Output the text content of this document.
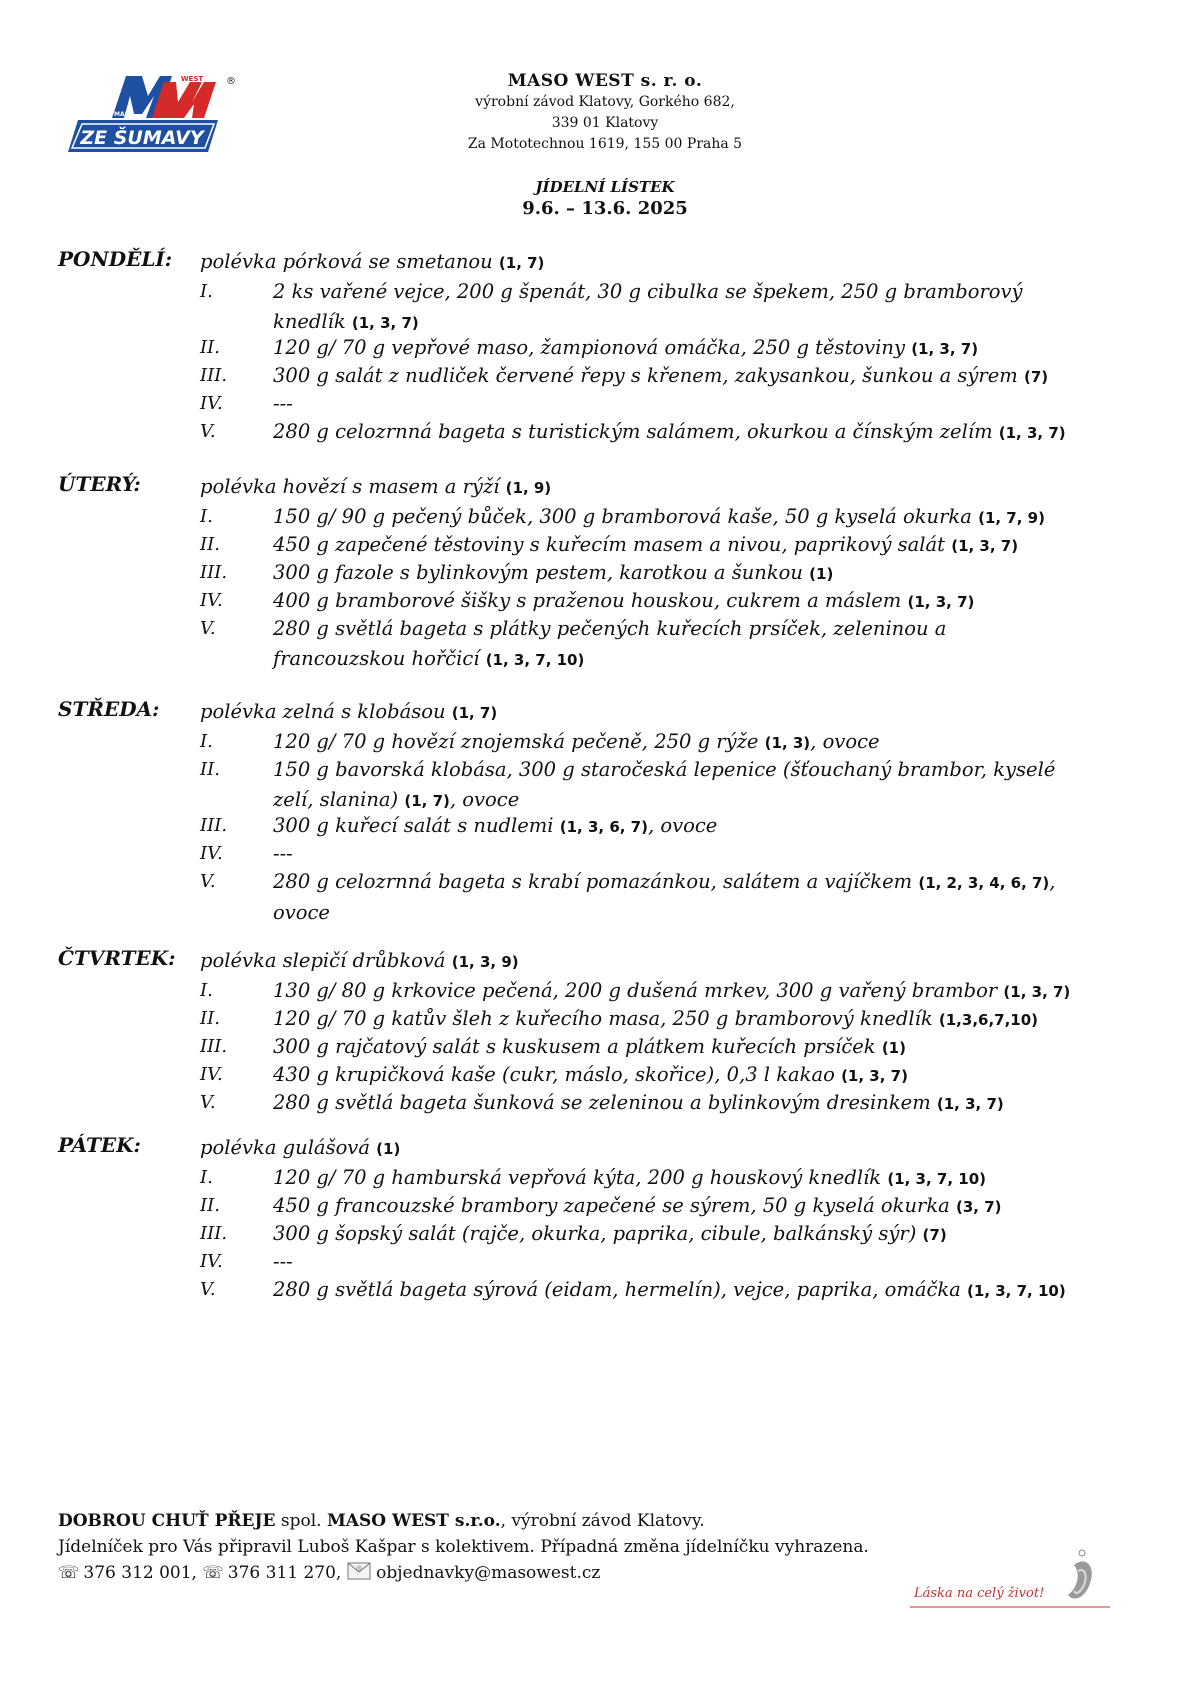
ZE ŠUMAVY
WEST
MASO
®	MASO WEST s. r. o.
výrobní závod Klatovy, Gorkého 682,
339 01 Klatovy
Za Mototechnou 1619, 155 00 Praha 5
JÍDELNÍ LÍSTEK
9.6. – 13.6. 2025
PONDĚLÍ: polévka pórková se smetanou (1, 7)
I.	2 ks vařené vejce, 200 g špenát, 30 g cibulka se špekem, 250 g bramborový
knedlík (1, 3, 7)
II.	120 g/ 70 g vepřové maso, žampionová omáčka, 250 g těstoviny (1, 3, 7)
III. 300 g salát z nudliček červené řepy s křenem, zakysankou, šunkou a sýrem (7)
IV.	---
V.	280 g celozrnná bageta s turistickým salámem, okurkou a čínským zelím (1, 3, 7)
ÚTERÝ:	polévka hovězí s masem a rýží (1, 9)
I.	150 g/ 90 g pečený bůček, 300 g bramborová kaše, 50 g kyselá okurka (1, 7, 9)
II.	450 g zapečené těstoviny s kuřecím masem a nivou, paprikový salát (1, 3, 7)
III. 300 g fazole s bylinkovým pestem, karotkou a šunkou (1)
IV.	400 g bramborové šišky s praženou houskou, cukrem a máslem (1, 3, 7)
V.	280 g světlá bageta s plátky pečených kuřecích prsíček, zeleninou a
francouzskou hořčicí (1, 3, 7, 10)
STŘEDA: polévka zelná s klobásou (1, 7)
I.	120 g/ 70 g hovězí znojemská pečeně, 250 g rýže (1, 3), ovoce
II.	150 g bavorská klobása, 300 g staročeská lepenice (šťouchaný brambor, kyselé
zelí, slanina) (1, 7), ovoce
III. 300 g kuřecí salát s nudlemi (1, 3, 6, 7), ovoce
IV.	---
V.	280 g celozrnná bageta s krabí pomazánkou, salátem a vajíčkem (1, 2, 3, 4, 6, 7),
ovoce
ČTVRTEK: polévka slepičí drůbková (1, 3, 9)
I.	130 g/ 80 g krkovice pečená, 200 g dušená mrkev, 300 g vařený brambor (1, 3, 7)
II.	120 g/ 70 g katův šleh z kuřecího masa, 250 g bramborový knedlík (1,3,6,7,10)
III. 300 g rajčatový salát s kuskusem a plátkem kuřecích prsíček (1)
IV.	430 g krupičková kaše (cukr, máslo, skořice), 0,3 l kakao (1, 3, 7)
V.	280 g světlá bageta šunková se zeleninou a bylinkovým dresinkem (1, 3, 7)
PÁTEK:	polévka gulášová (1)
I.	120 g/ 70 g hamburská vepřová kýta, 200 g houskový knedlík (1, 3, 7, 10)
II.	450 g francouzské brambory zapečené se sýrem, 50 g kyselá okurka (3, 7)
III. 300 g šopský salát (rajče, okurka, paprika, cibule, balkánský sýr) (7)
IV.	---
V.	280 g světlá bageta sýrová (eidam, hermelín), vejce, paprika, omáčka (1, 3, 7, 10)
DOBROU CHUŤ PŘEJE spol. MASO WEST s.r.o., výrobní závod Klatovy.
Jídelníček pro Vás připravil Luboš Kašpar s kolektivem. Případná změna jídelníčku vyhrazena.
☏ 376 312 001, ☏ 376 311 270, @ objednavky@masowest.cz
Láska na celý život!
